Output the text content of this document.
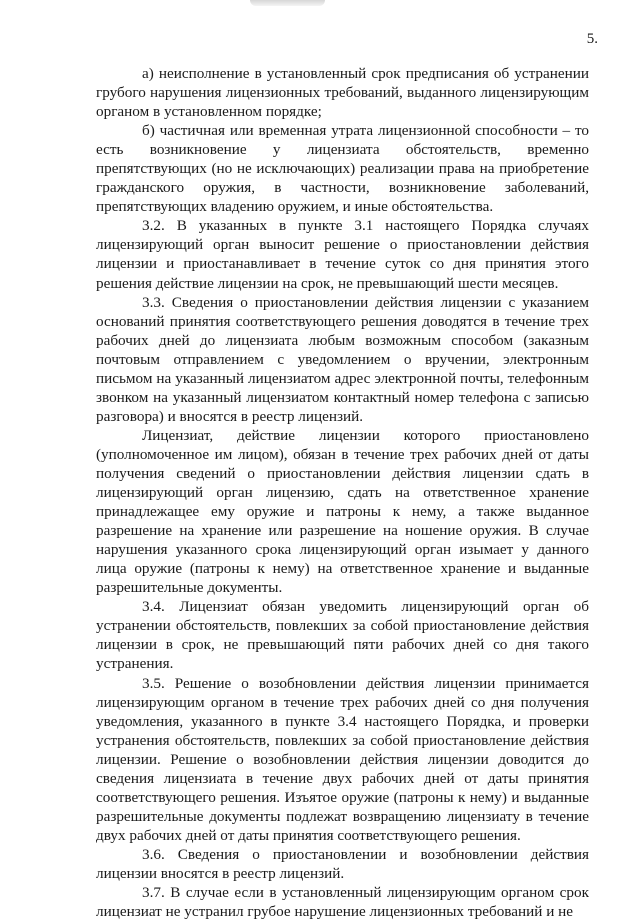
5.

а) неисполнение в установленный срок предписания об устранении грубого нарушения лицензионных требований, выданного лицензирующим органом в установленном порядке;

б) частичная или временная утрата лицензионной способности – то есть возникновение у лицензиата обстоятельств, временно препятствующих (но не исключающих) реализации права на приобретение гражданского оружия, в частности, возникновение заболеваний, препятствующих владению оружием, и иные обстоятельства.

3.2. В указанных в пункте 3.1 настоящего Порядка случаях лицензирующий орган выносит решение о приостановлении действия лицензии и приостанавливает в течение суток со дня принятия этого решения действие лицензии на срок, не превышающий шести месяцев.

3.3. Сведения о приостановлении действия лицензии с указанием оснований принятия соответствующего решения доводятся в течение трех рабочих дней до лицензиата любым возможным способом (заказным почтовым отправлением с уведомлением о вручении, электронным письмом на указанный лицензиатом адрес электронной почты, телефонным звонком на указанный лицензиатом контактный номер телефона с записью разговора) и вносятся в реестр лицензий.

Лицензиат, действие лицензии которого приостановлено (уполномоченное им лицом), обязан в течение трех рабочих дней от даты получения сведений о приостановлении действия лицензии сдать в лицензирующий орган лицензию, сдать на ответственное хранение принадлежащее ему оружие и патроны к нему, а также выданное разрешение на хранение или разрешение на ношение оружия. В случае нарушения указанного срока лицензирующий орган изымает у данного лица оружие (патроны к нему) на ответственное хранение и выданные разрешительные документы.

3.4. Лицензиат обязан уведомить лицензирующий орган об устранении обстоятельств, повлекших за собой приостановление действия лицензии в срок, не превышающий пяти рабочих дней со дня такого устранения.

3.5. Решение о возобновлении действия лицензии принимается лицензирующим органом в течение трех рабочих дней со дня получения уведомления, указанного в пункте 3.4 настоящего Порядка, и проверки устранения обстоятельств, повлекших за собой приостановление действия лицензии. Решение о возобновлении действия лицензии доводится до сведения лицензиата в течение двух рабочих дней от даты принятия соответствующего решения. Изъятое оружие (патроны к нему) и выданные разрешительные документы подлежат возвращению лицензиату в течение двух рабочих дней от даты принятия соответствующего решения.

3.6. Сведения о приостановлении и возобновлении действия лицензии вносятся в реестр лицензий.

3.7. В случае если в установленный лицензирующим органом срок лицензиат не устранил грубое нарушение лицензионных требований и не
